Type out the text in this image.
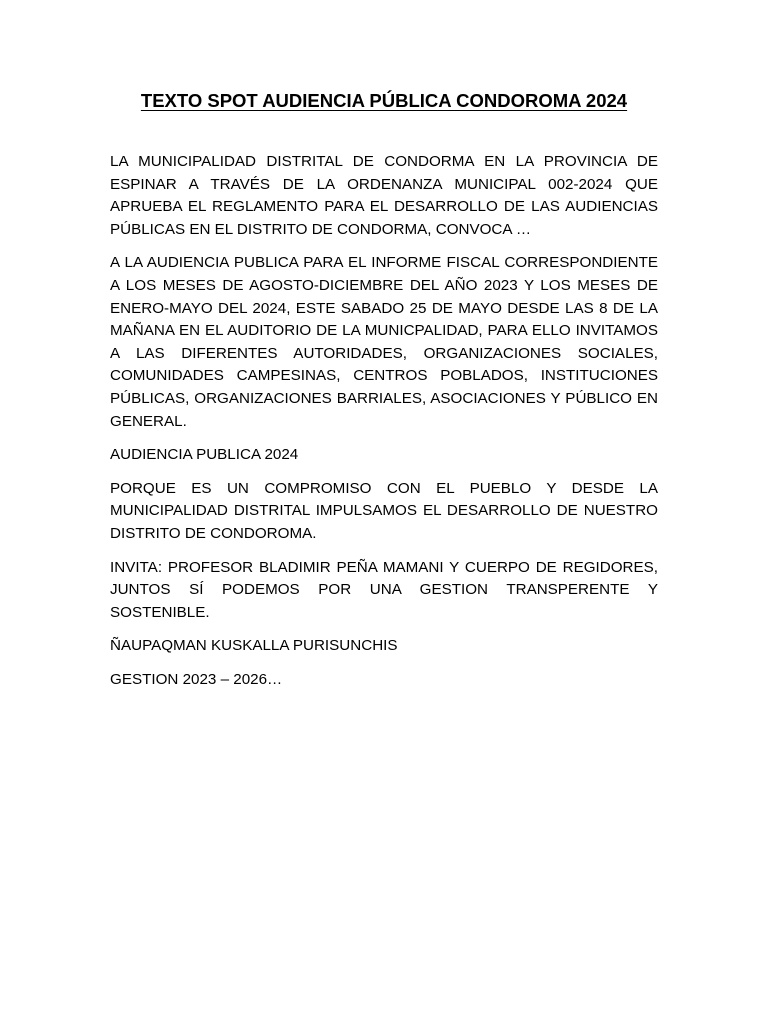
TEXTO SPOT AUDIENCIA PÚBLICA CONDOROMA 2024

LA MUNICIPALIDAD DISTRITAL DE CONDORMA EN LA PROVINCIA DE ESPINAR A TRAVÉS DE LA ORDENANZA MUNICIPAL 002-2024 QUE APRUEBA EL REGLAMENTO PARA EL DESARROLLO DE LAS AUDIENCIAS PÚBLICAS EN EL DISTRITO DE CONDORMA, CONVOCA …

A LA AUDIENCIA PUBLICA PARA EL INFORME FISCAL CORRESPONDIENTE A LOS MESES DE AGOSTO-DICIEMBRE DEL AÑO 2023 Y LOS MESES DE ENERO-MAYO DEL 2024, ESTE SABADO 25 DE MAYO DESDE LAS 8 DE LA MAÑANA EN EL AUDITORIO DE LA MUNICPALIDAD, PARA ELLO INVITAMOS A LAS DIFERENTES AUTORIDADES, ORGANIZACIONES SOCIALES, COMUNIDADES CAMPESINAS, CENTROS POBLADOS, INSTITUCIONES PÚBLICAS, ORGANIZACIONES BARRIALES, ASOCIACIONES Y PÚBLICO EN GENERAL.

AUDIENCIA PUBLICA 2024

PORQUE ES UN COMPROMISO CON EL PUEBLO Y DESDE LA MUNICIPALIDAD DISTRITAL IMPULSAMOS EL DESARROLLO DE NUESTRO DISTRITO DE CONDOROMA.

INVITA: PROFESOR BLADIMIR PEÑA MAMANI Y CUERPO DE REGIDORES, JUNTOS SÍ PODEMOS POR UNA GESTION TRANSPERENTE Y SOSTENIBLE.

ÑAUPAQMAN KUSKALLA PURISUNCHIS

GESTION 2023 – 2026…
